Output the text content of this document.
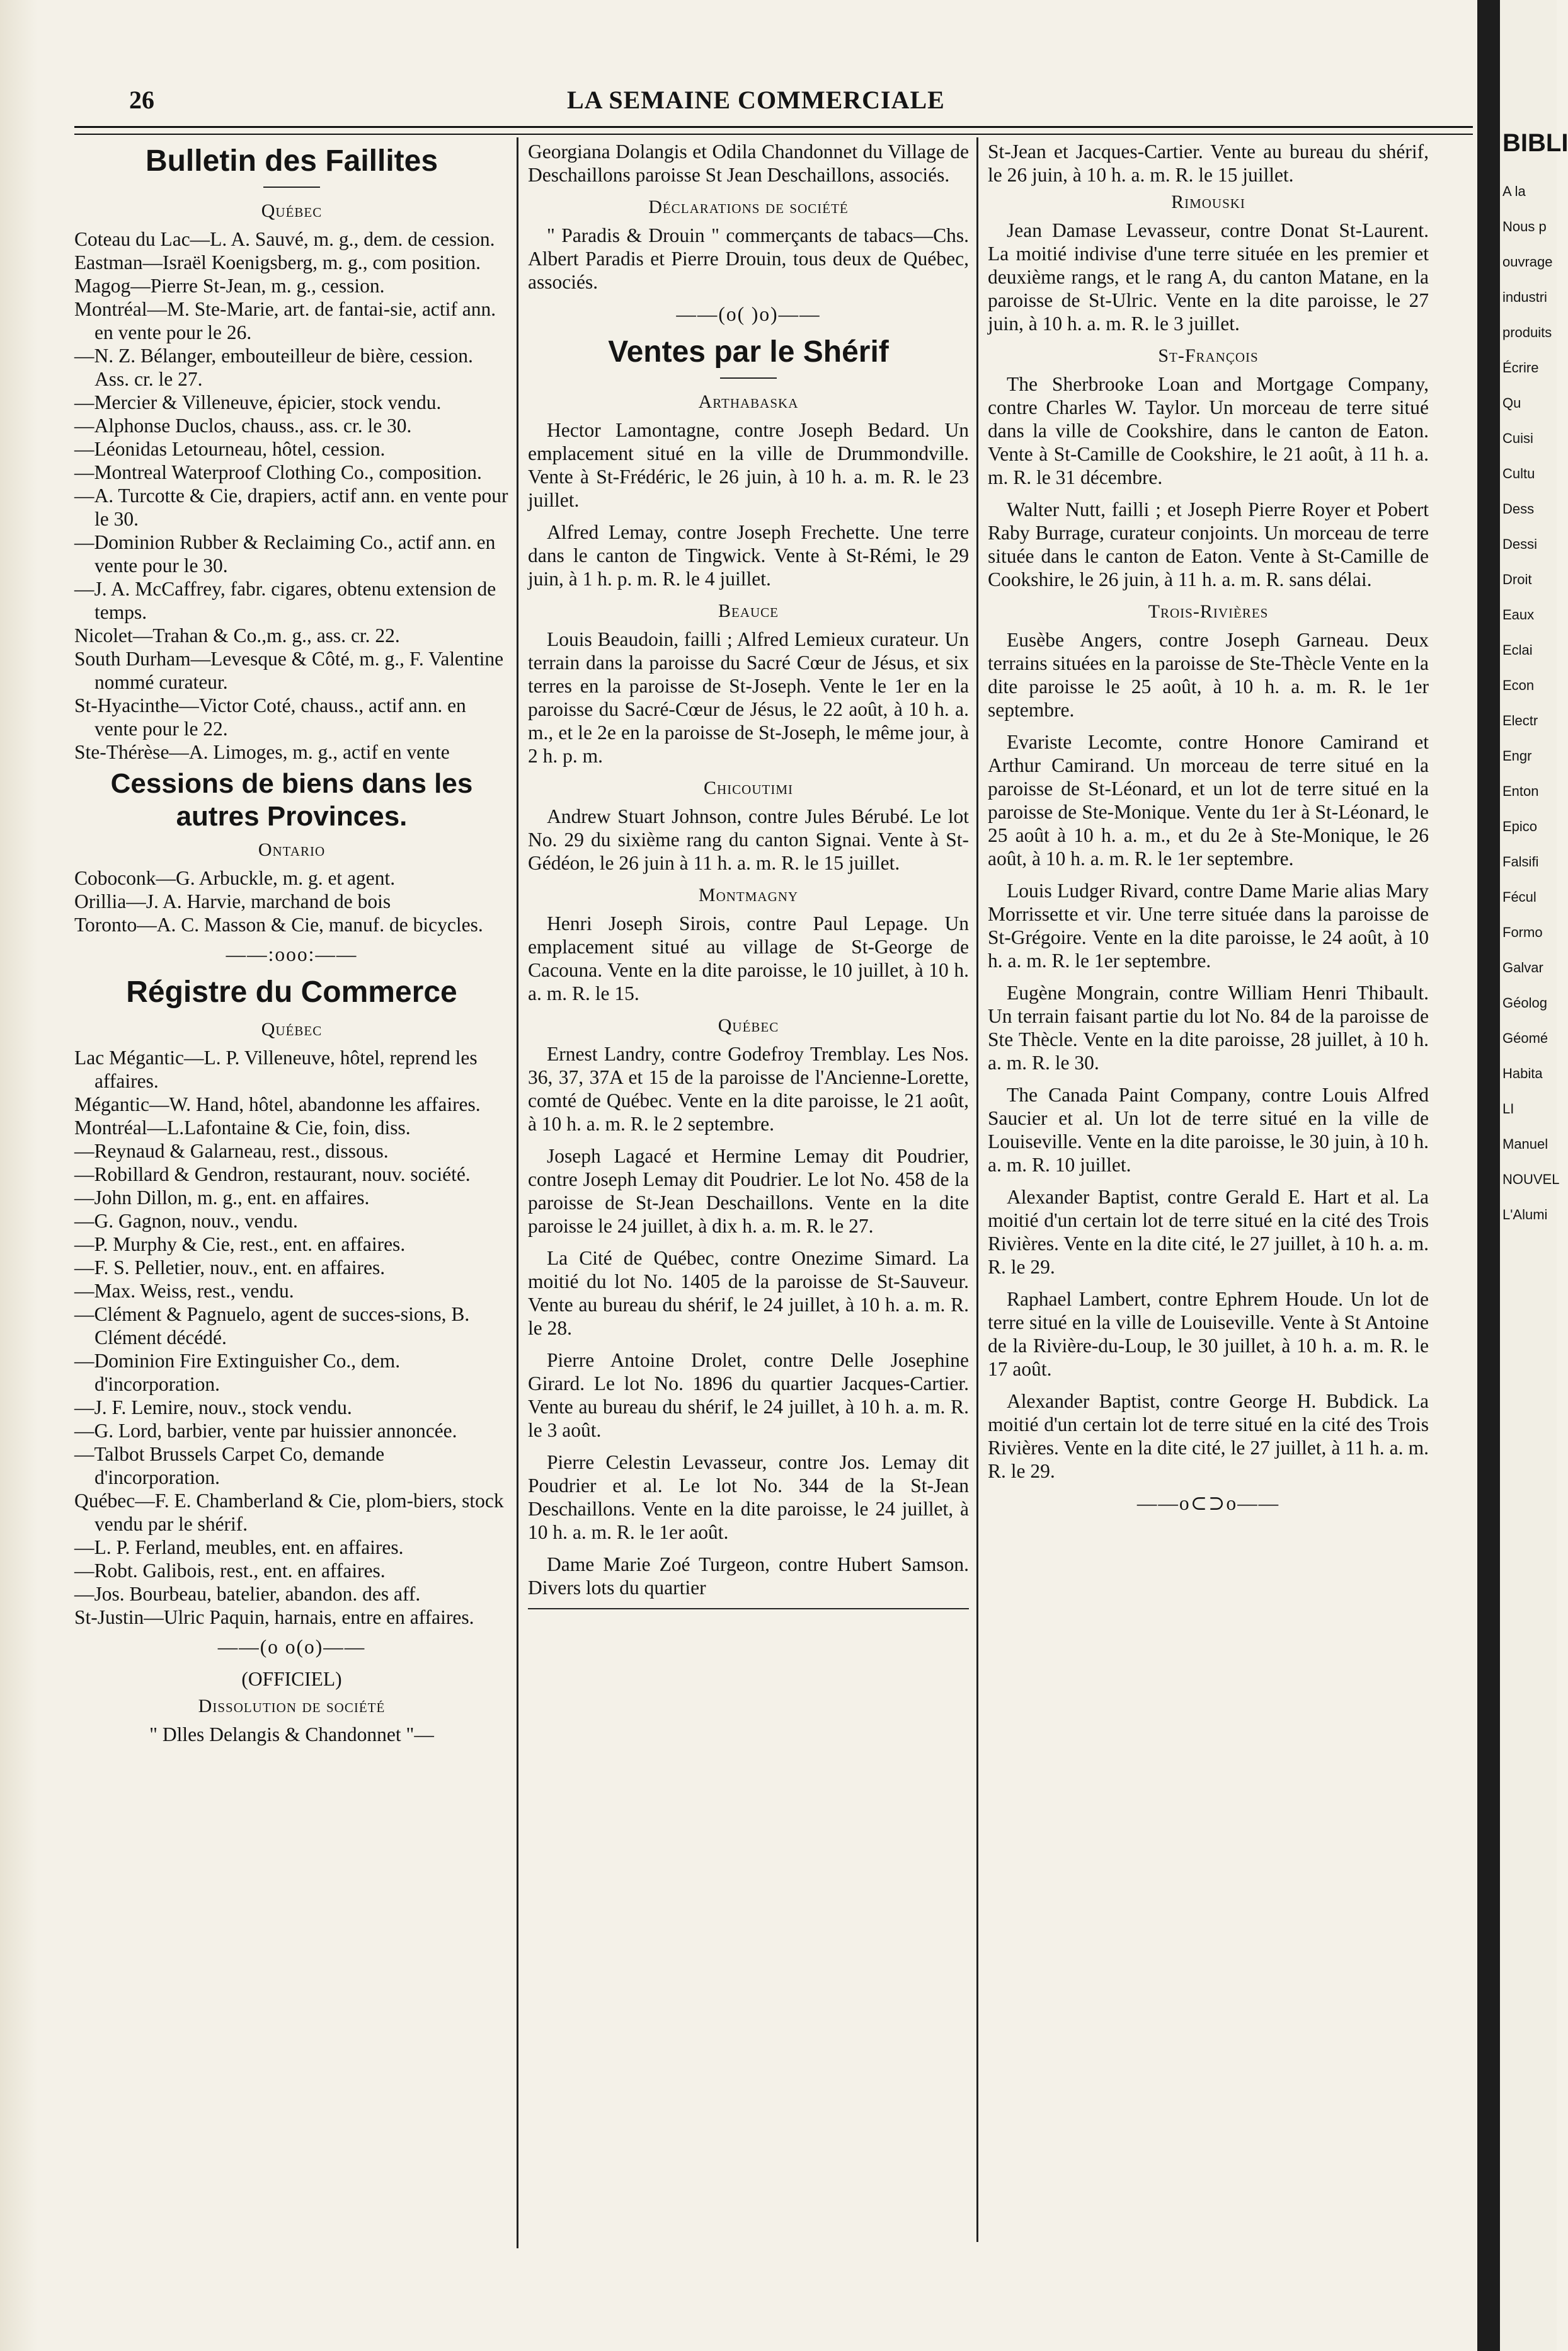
26	LA SEMAINE COMMERCIALE
Bulletin des Faillites
Québec

Coteau du Lac—L. A. Sauvé, m. g., dem. de cession.

Eastman—Israël Koenigsberg, m. g., com position.

Magog—Pierre St-Jean, m. g., cession.

Montréal—M. Ste-Marie, art. de fantai-sie, actif ann. en vente pour le 26.

—N. Z. Bélanger, embouteilleur de bière, cession. Ass. cr. le 27.

—Mercier & Villeneuve, épicier, stock vendu.

—Alphonse Duclos, chauss., ass. cr. le 30.

—Léonidas Letourneau, hôtel, cession.

—Montreal Waterproof Clothing Co., composition.

—A. Turcotte & Cie, drapiers, actif ann. en vente pour le 30.

—Dominion Rubber & Reclaiming Co., actif ann. en vente pour le 30.

—J. A. McCaffrey, fabr. cigares, obtenu extension de temps.

Nicolet—Trahan & Co.,m. g., ass. cr. 22.

South Durham—Levesque & Côté, m. g., F. Valentine nommé curateur.

St-Hyacinthe—Victor Coté, chauss., actif ann. en vente pour le 22.

Ste-Thérèse—A. Limoges, m. g., actif en vente

Cessions de biens dans les autres Provinces.
Ontario

Coboconk—G. Arbuckle, m. g. et agent.

Orillia—J. A. Harvie, marchand de bois

Toronto—A. C. Masson & Cie, manuf. de bicycles.

——:ooo:——
Régistre du Commerce
Québec

Lac Mégantic—L. P. Villeneuve, hôtel, reprend les affaires.

Mégantic—W. Hand, hôtel, abandonne les affaires.

Montréal—L.Lafontaine & Cie, foin, diss.

—Reynaud & Galarneau, rest., dissous.

—Robillard & Gendron, restaurant, nouv. société.

—John Dillon, m. g., ent. en affaires.

—G. Gagnon, nouv., vendu.

—P. Murphy & Cie, rest., ent. en affaires.

—F. S. Pelletier, nouv., ent. en affaires.

—Max. Weiss, rest., vendu.

—Clément & Pagnuelo, agent de succes-sions, B. Clément décédé.

—Dominion Fire Extinguisher Co., dem. d'incorporation.

—J. F. Lemire, nouv., stock vendu.

—G. Lord, barbier, vente par huissier annoncée.

—Talbot Brussels Carpet Co, demande d'incorporation.

Québec—F. E. Chamberland & Cie, plom-biers, stock vendu par le shérif.

—L. P. Ferland, meubles, ent. en affaires.

—Robt. Galibois, rest., ent. en affaires.

—Jos. Bourbeau, batelier, abandon. des aff.

St-Justin—Ulric Paquin, harnais, entre en affaires.

——(o o(o)——
(OFFICIEL)
Dissolution de société
" Dlles Delangis & Chandonnet "—

Georgiana Dolangis et Odila Chandonnet du Village de Deschaillons paroisse St Jean Deschaillons, associés.

Déclarations de société

" Paradis & Drouin " commerçants de tabacs—Chs. Albert Paradis et Pierre Drouin, tous deux de Québec, associés.

——(o( )o)——
Ventes par le Shérif
Arthabaska

Hector Lamontagne, contre Joseph Bedard. Un emplacement situé en la ville de Drummondville. Vente à St-Frédéric, le 26 juin, à 10 h. a. m. R. le 23 juillet.

Alfred Lemay, contre Joseph Frechette. Une terre dans le canton de Tingwick. Vente à St-Rémi, le 29 juin, à 1 h. p. m. R. le 4 juillet.

Beauce

Louis Beaudoin, failli ; Alfred Lemieux curateur. Un terrain dans la paroisse du Sacré Cœur de Jésus, et six terres en la paroisse de St-Joseph. Vente le 1er en la paroisse du Sacré-Cœur de Jésus, le 22 août, à 10 h. a. m., et le 2e en la paroisse de St-Joseph, le même jour, à 2 h. p. m.

Chicoutimi

Andrew Stuart Johnson, contre Jules Bérubé. Le lot No. 29 du sixième rang du canton Signai. Vente à St-Gédéon, le 26 juin à 11 h. a. m. R. le 15 juillet.

Montmagny

Henri Joseph Sirois, contre Paul Lepage. Un emplacement situé au village de St-George de Cacouna. Vente en la dite paroisse, le 10 juillet, à 10 h. a. m. R. le 15.

Québec

Ernest Landry, contre Godefroy Tremblay. Les Nos. 36, 37, 37A et 15 de la paroisse de l'Ancienne-Lorette, comté de Québec. Vente en la dite paroisse, le 21 août, à 10 h. a. m. R. le 2 septembre.

Joseph Lagacé et Hermine Lemay dit Poudrier, contre Joseph Lemay dit Poudrier. Le lot No. 458 de la paroisse de St-Jean Deschaillons. Vente en la dite paroisse le 24 juillet, à dix h. a. m. R. le 27.

La Cité de Québec, contre Onezime Simard. La moitié du lot No. 1405 de la paroisse de St-Sauveur. Vente au bureau du shérif, le 24 juillet, à 10 h. a. m. R. le 28.

Pierre Antoine Drolet, contre Delle Josephine Girard. Le lot No. 1896 du quartier Jacques-Cartier. Vente au bureau du shérif, le 24 juillet, à 10 h. a. m. R. le 3 août.

Pierre Celestin Levasseur, contre Jos. Lemay dit Poudrier et al. Le lot No. 344 de la St-Jean Deschaillons. Vente en la dite paroisse, le 24 juillet, à 10 h. a. m. R. le 1er août.

Dame Marie Zoé Turgeon, contre Hubert Samson. Divers lots du quartier

St-Jean et Jacques-Cartier. Vente au bureau du shérif, le 26 juin, à 10 h. a. m. R. le 15 juillet.

Rimouski

Jean Damase Levasseur, contre Donat St-Laurent. La moitié indivise d'une terre située en les premier et deuxième rangs, et le rang A, du canton Matane, en la paroisse de St-Ulric. Vente en la dite paroisse, le 27 juin, à 10 h. a. m. R. le 3 juillet.

St-François

The Sherbrooke Loan and Mortgage Company, contre Charles W. Taylor. Un morceau de terre situé dans la ville de Cookshire, dans le canton de Eaton. Vente à St-Camille de Cookshire, le 21 août, à 11 h. a. m. R. le 31 décembre.

Walter Nutt, failli ; et Joseph Pierre Royer et Pobert Raby Burrage, curateur conjoints. Un morceau de terre située dans le canton de Eaton. Vente à St-Camille de Cookshire, le 26 juin, à 11 h. a. m. R. sans délai.

Trois-Rivières

Eusèbe Angers, contre Joseph Garneau. Deux terrains situées en la paroisse de Ste-Thècle Vente en la dite paroisse le 25 août, à 10 h. a. m. R. le 1er septembre.

Evariste Lecomte, contre Honore Camirand et Arthur Camirand. Un morceau de terre situé en la paroisse de St-Léonard, et un lot de terre situé en la paroisse de Ste-Monique. Vente du 1er à St-Léonard, le 25 août à 10 h. a. m., et du 2e à Ste-Monique, le 26 août, à 10 h. a. m. R. le 1er septembre.

Louis Ludger Rivard, contre Dame Marie alias Mary Morrissette et vir. Une terre située dans la paroisse de St-Grégoire. Vente en la dite paroisse, le 24 août, à 10 h. a. m. R. le 1er septembre.

Eugène Mongrain, contre William Henri Thibault. Un terrain faisant partie du lot No. 84 de la paroisse de Ste Thècle. Vente en la dite paroisse, 28 juillet, à 10 h. a. m. R. le 30.

The Canada Paint Company, contre Louis Alfred Saucier et al. Un lot de terre situé en la ville de Louiseville. Vente en la dite paroisse, le 30 juin, à 10 h. a. m. R. 10 juillet.

Alexander Baptist, contre Gerald E. Hart et al. La moitié d'un certain lot de terre situé en la cité des Trois Rivières. Vente en la dite cité, le 27 juillet, à 10 h. a. m. R. le 29.

Raphael Lambert, contre Ephrem Houde. Un lot de terre situé en la ville de Louiseville. Vente à St Antoine de la Rivière-du-Loup, le 30 juillet, à 10 h. a. m. R. le 17 août.

Alexander Baptist, contre George H. Bubdick. La moitié d'un certain lot de terre situé en la cité des Trois Rivières. Vente en la dite cité, le 27 juillet, à 11 h. a. m. R. le 29.

——o⊂⊃o——
BIBLI
A la
Nous p
ouvrage
industri
produits
Écrire
Qu
Cuisi
Cultu
Dess
Dessi
Droit
Eaux
Eclai
Econ
Electr
Engr
Enton
Epico
Falsifi
Fécul
Formo
Galvar
Géolog
Géomé
Habita
LI
Manuel
NOUVEL
L'Alumi
